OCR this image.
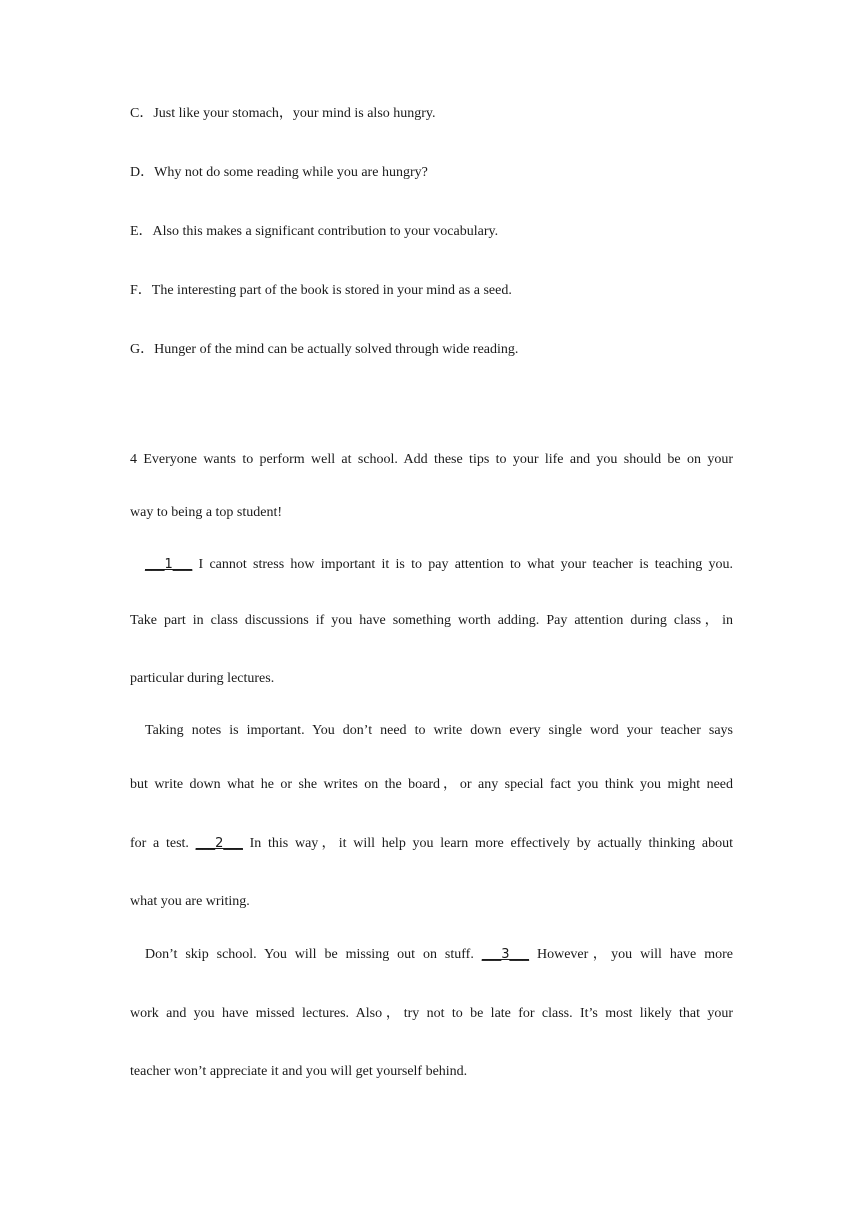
C．Just like your stomach，your mind is also hungry.
D．Why not do some reading while you are hungry?
E．Also this makes a significant contribution to your vocabulary.
F．The interesting part of the book is stored in your mind as a seed.
G．Hunger of the mind can be actually solved through wide reading.
4 Everyone wants to perform well at school. Add these tips to your life and you should be on your
way to being a top student!
___1___ I cannot stress how important it is to pay attention to what your teacher is teaching you.
Take part in class discussions if you have something worth adding. Pay attention during class，in
particular during lectures.
Taking notes is important. You don’t need to write down every single word your teacher says
but write down what he or she writes on the board，or any special fact you think you might need
for a test. ___2___ In this way，it will help you learn more effectively by actually thinking about
what you are writing.
Don’t skip school. You will be missing out on stuff. ___3___ However，you will have more
work and you have missed lectures. Also，try not to be late for class. It’s most likely that your
teacher won’t appreciate it and you will get yourself behind.
